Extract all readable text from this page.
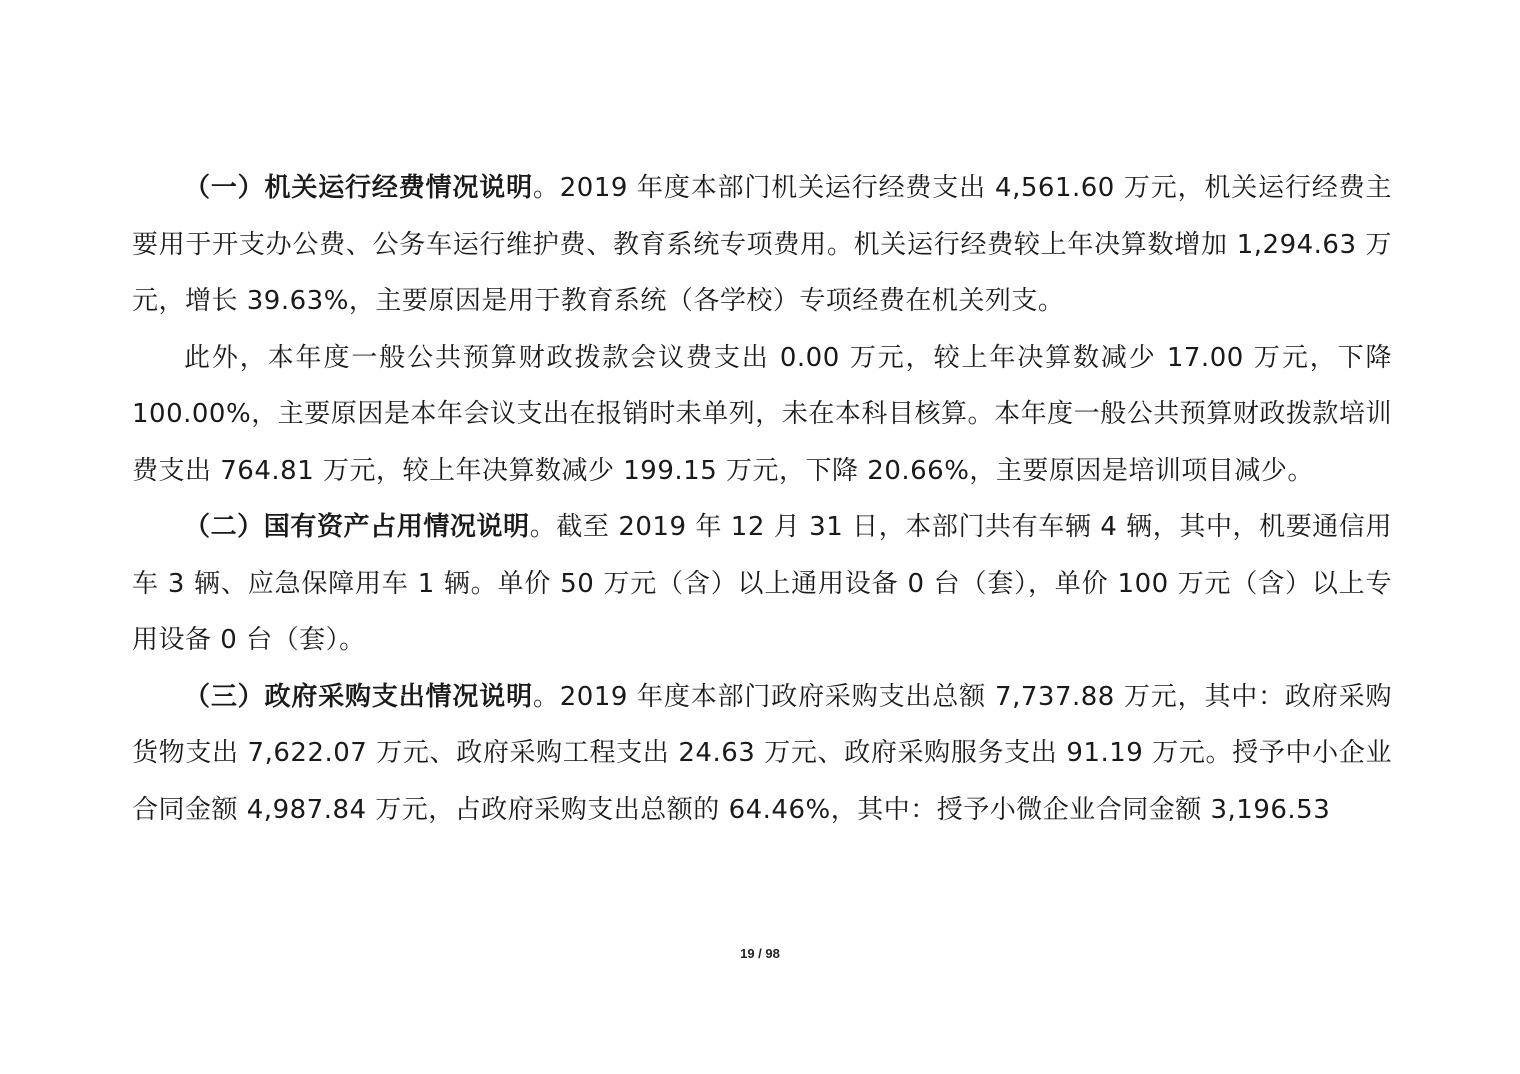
（一）机关运行经费情况说明。2019 年度本部门机关运行经费支出 4,561.60 万元，机关运行经费主要用于开支办公费、公务车运行维护费、教育系统专项费用。机关运行经费较上年决算数增加 1,294.63 万元，增长 39.63%，主要原因是用于教育系统（各学校）专项经费在机关列支。

此外，本年度一般公共预算财政拨款会议费支出 0.00 万元，较上年决算数减少 17.00 万元，下降 100.00%，主要原因是本年会议支出在报销时未单列，未在本科目核算。本年度一般公共预算财政拨款培训费支出 764.81 万元，较上年决算数减少 199.15 万元，下降 20.66%，主要原因是培训项目减少。

（二）国有资产占用情况说明。截至 2019 年 12 月 31 日，本部门共有车辆 4 辆，其中，机要通信用车 3 辆、应急保障用车 1 辆。单价 50 万元（含）以上通用设备 0 台（套），单价 100 万元（含）以上专用设备 0 台（套）。

（三）政府采购支出情况说明。2019 年度本部门政府采购支出总额 7,737.88 万元，其中：政府采购货物支出 7,622.07 万元、政府采购工程支出 24.63 万元、政府采购服务支出 91.19 万元。授予中小企业合同金额 4,987.84 万元，占政府采购支出总额的 64.46%，其中：授予小微企业合同金额 3,196.53

19 / 98
